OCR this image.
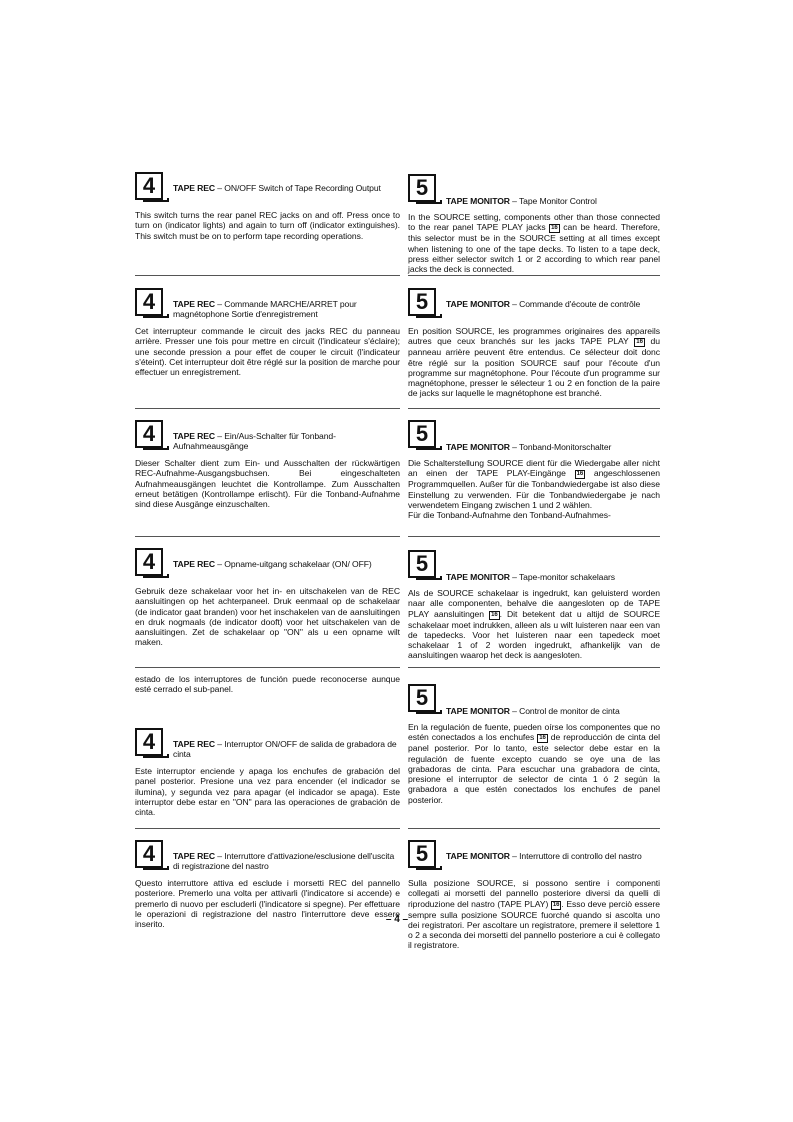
4	TAPE REC – ON/OFF Switch of Tape Recording Output

This switch turns the rear panel REC jacks on and off. Press once to turn on (indicator lights) and again to turn off (indicator extinguishes). This switch must be on to perform tape recording operations.

4	TAPE REC – Commande MARCHE/ARRET pour magnétophone Sortie d'enregistrement

Cet interrupteur commande le circuit des jacks REC du panneau arrière. Presser une fois pour mettre en circuit (l'indicateur s'éclaire); une seconde pression a pour effet de couper le circuit (l'indicateur s'éteint). Cet interrupteur doit être réglé sur la position de marche pour effectuer un enregistrement.

4	TAPE REC – Ein/Aus-Schalter für Tonband-Aufnahmeausgänge

Dieser Schalter dient zum Ein- und Ausschalten der rückwärtigen REC-Aufnahme-Ausgangsbuchsen. Bei eingeschalteten Aufnahmeausgängen leuchtet die Kontrollampe. Zum Ausschalten erneut betätigen (Kontrollampe erlischt). Für die Tonband-Aufnahme sind diese Ausgänge einzuschalten.

4	TAPE REC – Opname-uitgang schakelaar (ON/ OFF)

Gebruik deze schakelaar voor het in- en uitschakelen van de REC aansluitingen op het achterpaneel. Druk eenmaal op de schakelaar (de indicator gaat branden) voor het inschakelen van de aansluitingen en druk nogmaals (de indicator dooft) voor het uitschakelen van de aansluitingen. Zet de schakelaar op "ON" als u een opname wilt maken.

estado de los interruptores de función puede reconocerse aunque esté cerrado el sub-panel.

4	TAPE REC – Interruptor ON/OFF de salida de grabadora de cinta

Este interruptor enciende y apaga los enchufes de grabación del panel posterior. Presione una vez para encender (el indicador se ilumina), y segunda vez para apagar (el indicador se apaga). Este interruptor debe estar en "ON" para las operaciones de grabación de cinta.

4	TAPE REC – Interruttore d'attivazione/esclusione dell'uscita di registrazione del nastro

Questo interruttore attiva ed esclude i morsetti REC del pannello posteriore. Premerlo una volta per attivarli (l'indicatore si accende) e premerlo di nuovo per escluderli (l'indicatore si spegne). Per effettuare le operazioni di registrazione del nastro l'interruttore deve essere inserito.

5
TAPE MONITOR – Tape Monitor Control

In the SOURCE setting, components other than those connected to the rear panel TAPE PLAY jacks 16 can be heard. Therefore, this selector must be in the SOURCE setting at all times except when listening to one of the tape decks. To listen to a tape deck, press either selector switch 1 or 2 according to which rear panel jacks the deck is connected.

5	TAPE MONITOR – Commande d'écoute de contrôle

En position SOURCE, les programmes originaires des appareils autres que ceux branchés sur les jacks TAPE PLAY 16 du panneau arrière peuvent être entendus. Ce sélecteur doit donc être réglé sur la position SOURCE sauf pour l'écoute d'un programme sur magnétophone. Pour l'écoute d'un programme sur magnétophone, presser le sélecteur 1 ou 2 en fonction de la paire de jacks sur laquelle le magnétophone est branché.

5
TAPE MONITOR – Tonband-Monitorschalter

Die Schalterstellung SOURCE dient für die Wiedergabe aller nicht an einen der TAPE PLAY-Eingänge 16 angeschlossenen Programmquellen. Außer für die Tonbandwiedergabe ist also diese Einstellung zu verwenden. Für die Tonbandwiedergabe je nach verwendetem Eingang zwischen 1 und 2 wählen.

Für die Tonband-Aufnahme den Tonband-Aufnahmes-

5
TAPE MONITOR – Tape-monitor schakelaars

Als de SOURCE schakelaar is ingedrukt, kan geluisterd worden naar alle componenten, behalve die aangesloten op de TAPE PLAY aansluitingen 16 . Dit betekent dat u altijd de SOURCE schakelaar moet indrukken, alleen als u wilt luisteren naar een van de tapedecks. Voor het luisteren naar een tapedeck moet schakelaar 1 of 2 worden ingedrukt, afhankelijk van de aansluitingen waarop het deck is aangesloten.

5
TAPE MONITOR – Control de monitor de cinta

En la regulación de fuente, pueden oírse los componentes que no estén conectados a los enchufes 16 de reproducción de cinta del panel posterior. Por lo tanto, este selector debe estar en la regulación de fuente excepto cuando se oye una de las grabadoras de cinta. Para escuchar una grabadora de cinta, presione el interruptor de selector de cinta 1 ó 2 según la grabadora a que estén conectados los enchufes de panel posterior.

5	TAPE MONITOR – Interruttore di controllo del nastro

Sulla posizione SOURCE, si possono sentire i componenti collegati ai morsetti del pannello posteriore diversi da quelli di riproduzione del nastro (TAPE PLAY) 16 . Esso deve perciò essere sempre sulla posizione SOURCE fuorché quando si ascolta uno dei registratori. Per ascoltare un registratore, premere il selettore 1 o 2 a seconda dei morsetti del pannello posteriore a cui è collegato il registratore.

– 4 –
